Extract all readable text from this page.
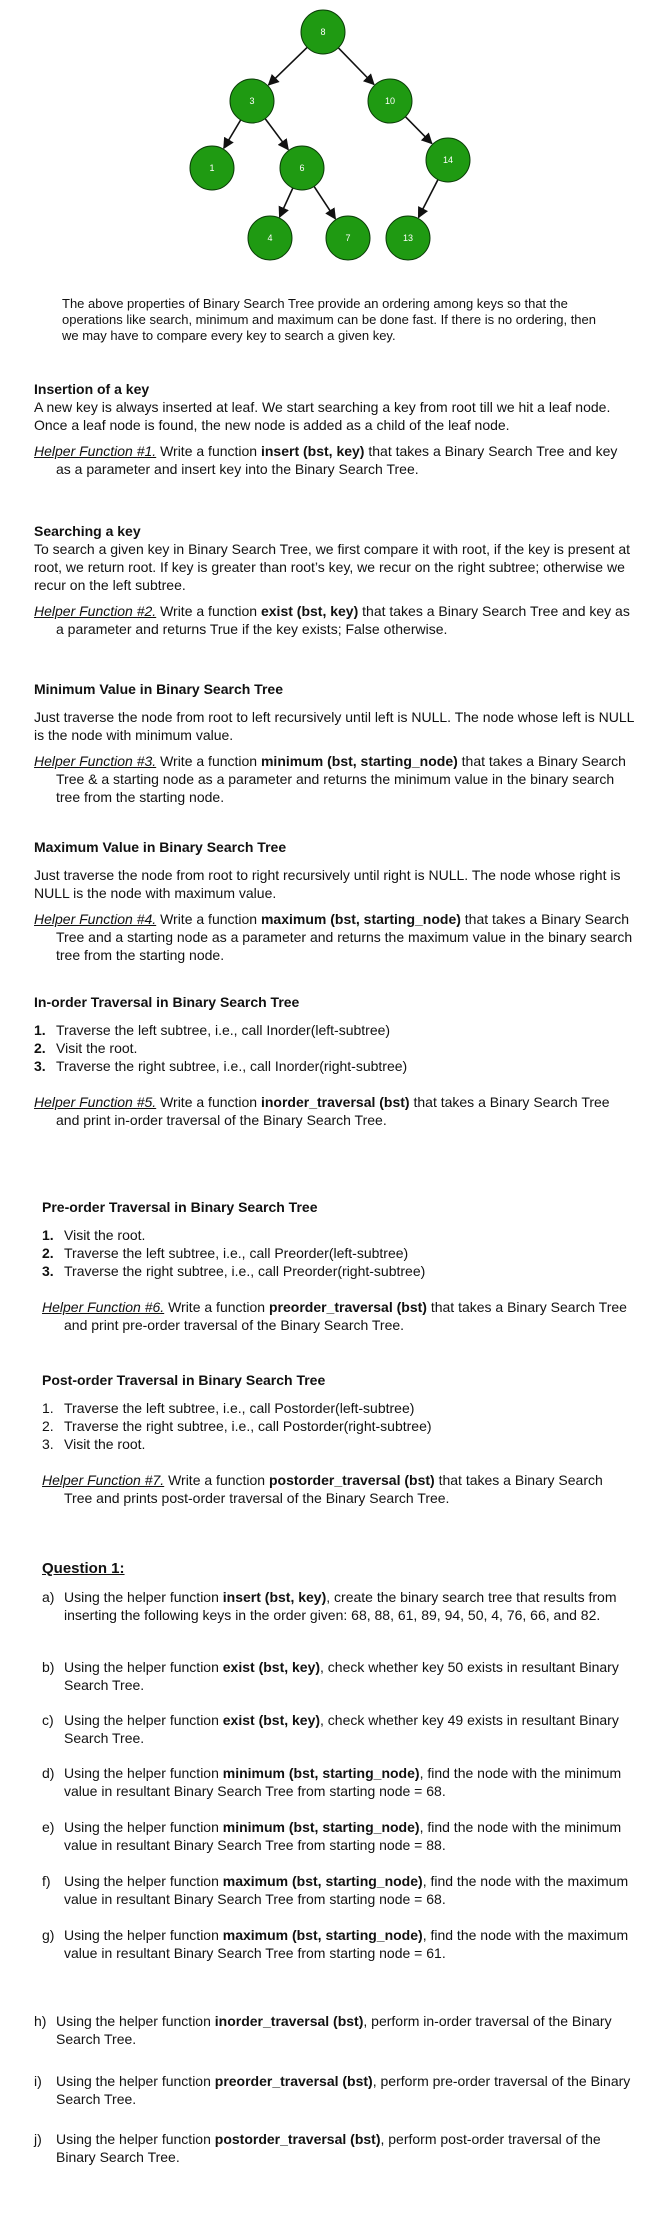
8
3	10
1	6
14
4	7	13
The above properties of Binary Search Tree provide an ordering among keys so that the operations like search, minimum and maximum can be done fast. If there is no ordering, then we may have to compare every key to search a given key.

Insertion of a key

A new key is always inserted at leaf. We start searching a key from root till we hit a leaf node. Once a leaf node is found, the new node is added as a child of the leaf node.

Helper Function #1. Write a function insert (bst, key) that takes a Binary Search Tree and key as a parameter and insert key into the Binary Search Tree.

Searching a key

To search a given key in Binary Search Tree, we first compare it with root, if the key is present at root, we return root. If key is greater than root’s key, we recur on the right subtree; otherwise we recur on the left subtree.

Helper Function #2. Write a function exist (bst, key) that takes a Binary Search Tree and key as a parameter and returns True if the key exists; False otherwise.

Minimum Value in Binary Search Tree

Just traverse the node from root to left recursively until left is NULL. The node whose left is NULL is the node with minimum value.

Helper Function #3. Write a function minimum (bst, starting_node) that takes a Binary Search Tree & a starting node as a parameter and returns the minimum value in the binary search tree from the starting node.

Maximum Value in Binary Search Tree

Just traverse the node from root to right recursively until right is NULL. The node whose right is NULL is the node with maximum value.

Helper Function #4. Write a function maximum (bst, starting_node) that takes a Binary Search Tree and a starting node as a parameter and returns the maximum value in the binary search tree from the starting node.

In-order Traversal in Binary Search Tree

1. Traverse the left subtree, i.e., call Inorder(left-subtree)
2. Visit the root.
3. Traverse the right subtree, i.e., call Inorder(right-subtree)

Helper Function #5. Write a function inorder_traversal (bst) that takes a Binary Search Tree and print in-order traversal of the Binary Search Tree.

Pre-order Traversal in Binary Search Tree

1. Visit the root.
2. Traverse the left subtree, i.e., call Preorder(left-subtree)
3. Traverse the right subtree, i.e., call Preorder(right-subtree)

Helper Function #6. Write a function preorder_traversal (bst) that takes a Binary Search Tree and print pre-order traversal of the Binary Search Tree.

Post-order Traversal in Binary Search Tree

1. Traverse the left subtree, i.e., call Postorder(left-subtree)
2. Traverse the right subtree, i.e., call Postorder(right-subtree)
3. Visit the root.

Helper Function #7. Write a function postorder_traversal (bst) that takes a Binary Search Tree and prints post-order traversal of the Binary Search Tree.

Question 1:
a) Using the helper function insert (bst, key), create the binary search tree that results from inserting the following keys in the order given: 68, 88, 61, 89, 94, 50, 4, 76, 66, and 82.
b) Using the helper function exist (bst, key), check whether key 50 exists in resultant Binary Search Tree.
c) Using the helper function exist (bst, key), check whether key 49 exists in resultant Binary Search Tree.
d) Using the helper function minimum (bst, starting_node), find the node with the minimum value in resultant Binary Search Tree from starting node = 68.
e) Using the helper function minimum (bst, starting_node), find the node with the minimum value in resultant Binary Search Tree from starting node = 88.
f) Using the helper function maximum (bst, starting_node), find the node with the maximum value in resultant Binary Search Tree from starting node = 68.
g) Using the helper function maximum (bst, starting_node), find the node with the maximum value in resultant Binary Search Tree from starting node = 61.
h) Using the helper function inorder_traversal (bst), perform in-order traversal of the Binary Search Tree.
i)	Using the helper function preorder_traversal (bst), perform pre-order traversal of the Binary Search Tree.
j)	Using the helper function postorder_traversal (bst), perform post-order traversal of the Binary Search Tree.
